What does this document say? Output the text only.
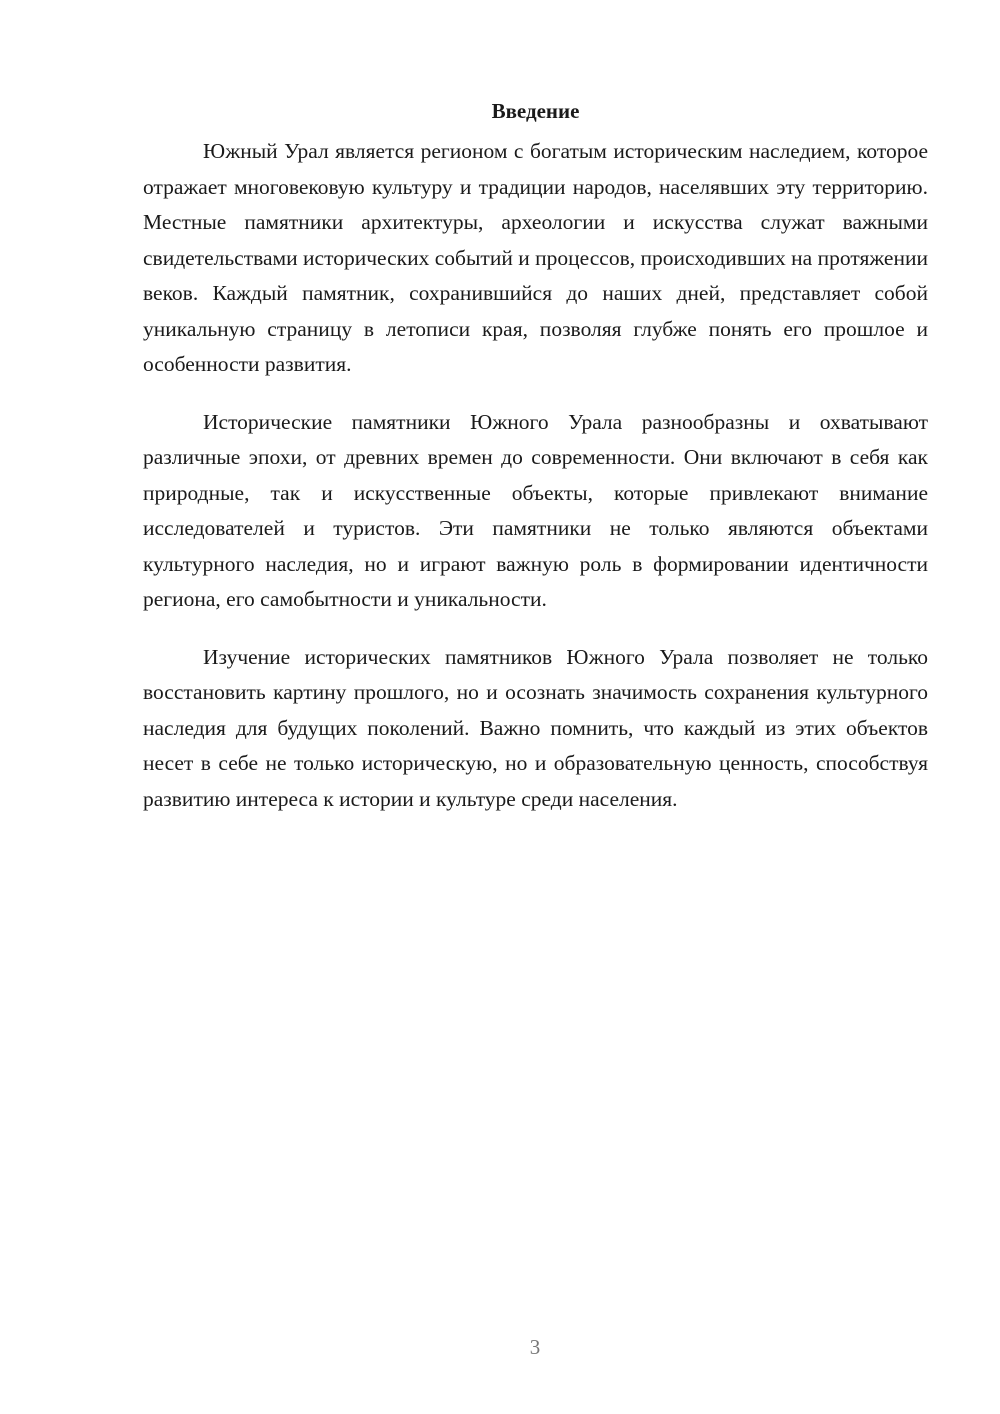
Введение

Южный Урал является регионом с богатым историческим наследием, которое отражает многовековую культуру и традиции народов, населявших эту территорию. Местные памятники архитектуры, археологии и искусства служат важными свидетельствами исторических событий и процессов, происходивших на протяжении веков. Каждый памятник, сохранившийся до наших дней, представляет собой уникальную страницу в летописи края, позволяя глубже понять его прошлое и особенности развития.

Исторические памятники Южного Урала разнообразны и охватывают различные эпохи, от древних времен до современности. Они включают в себя как природные, так и искусственные объекты, которые привлекают внимание исследователей и туристов. Эти памятники не только являются объектами культурного наследия, но и играют важную роль в формировании идентичности региона, его самобытности и уникальности.

Изучение исторических памятников Южного Урала позволяет не только восстановить картину прошлого, но и осознать значимость сохранения культурного наследия для будущих поколений. Важно помнить, что каждый из этих объектов несет в себе не только историческую, но и образовательную ценность, способствуя развитию интереса к истории и культуре среди населения.

3
